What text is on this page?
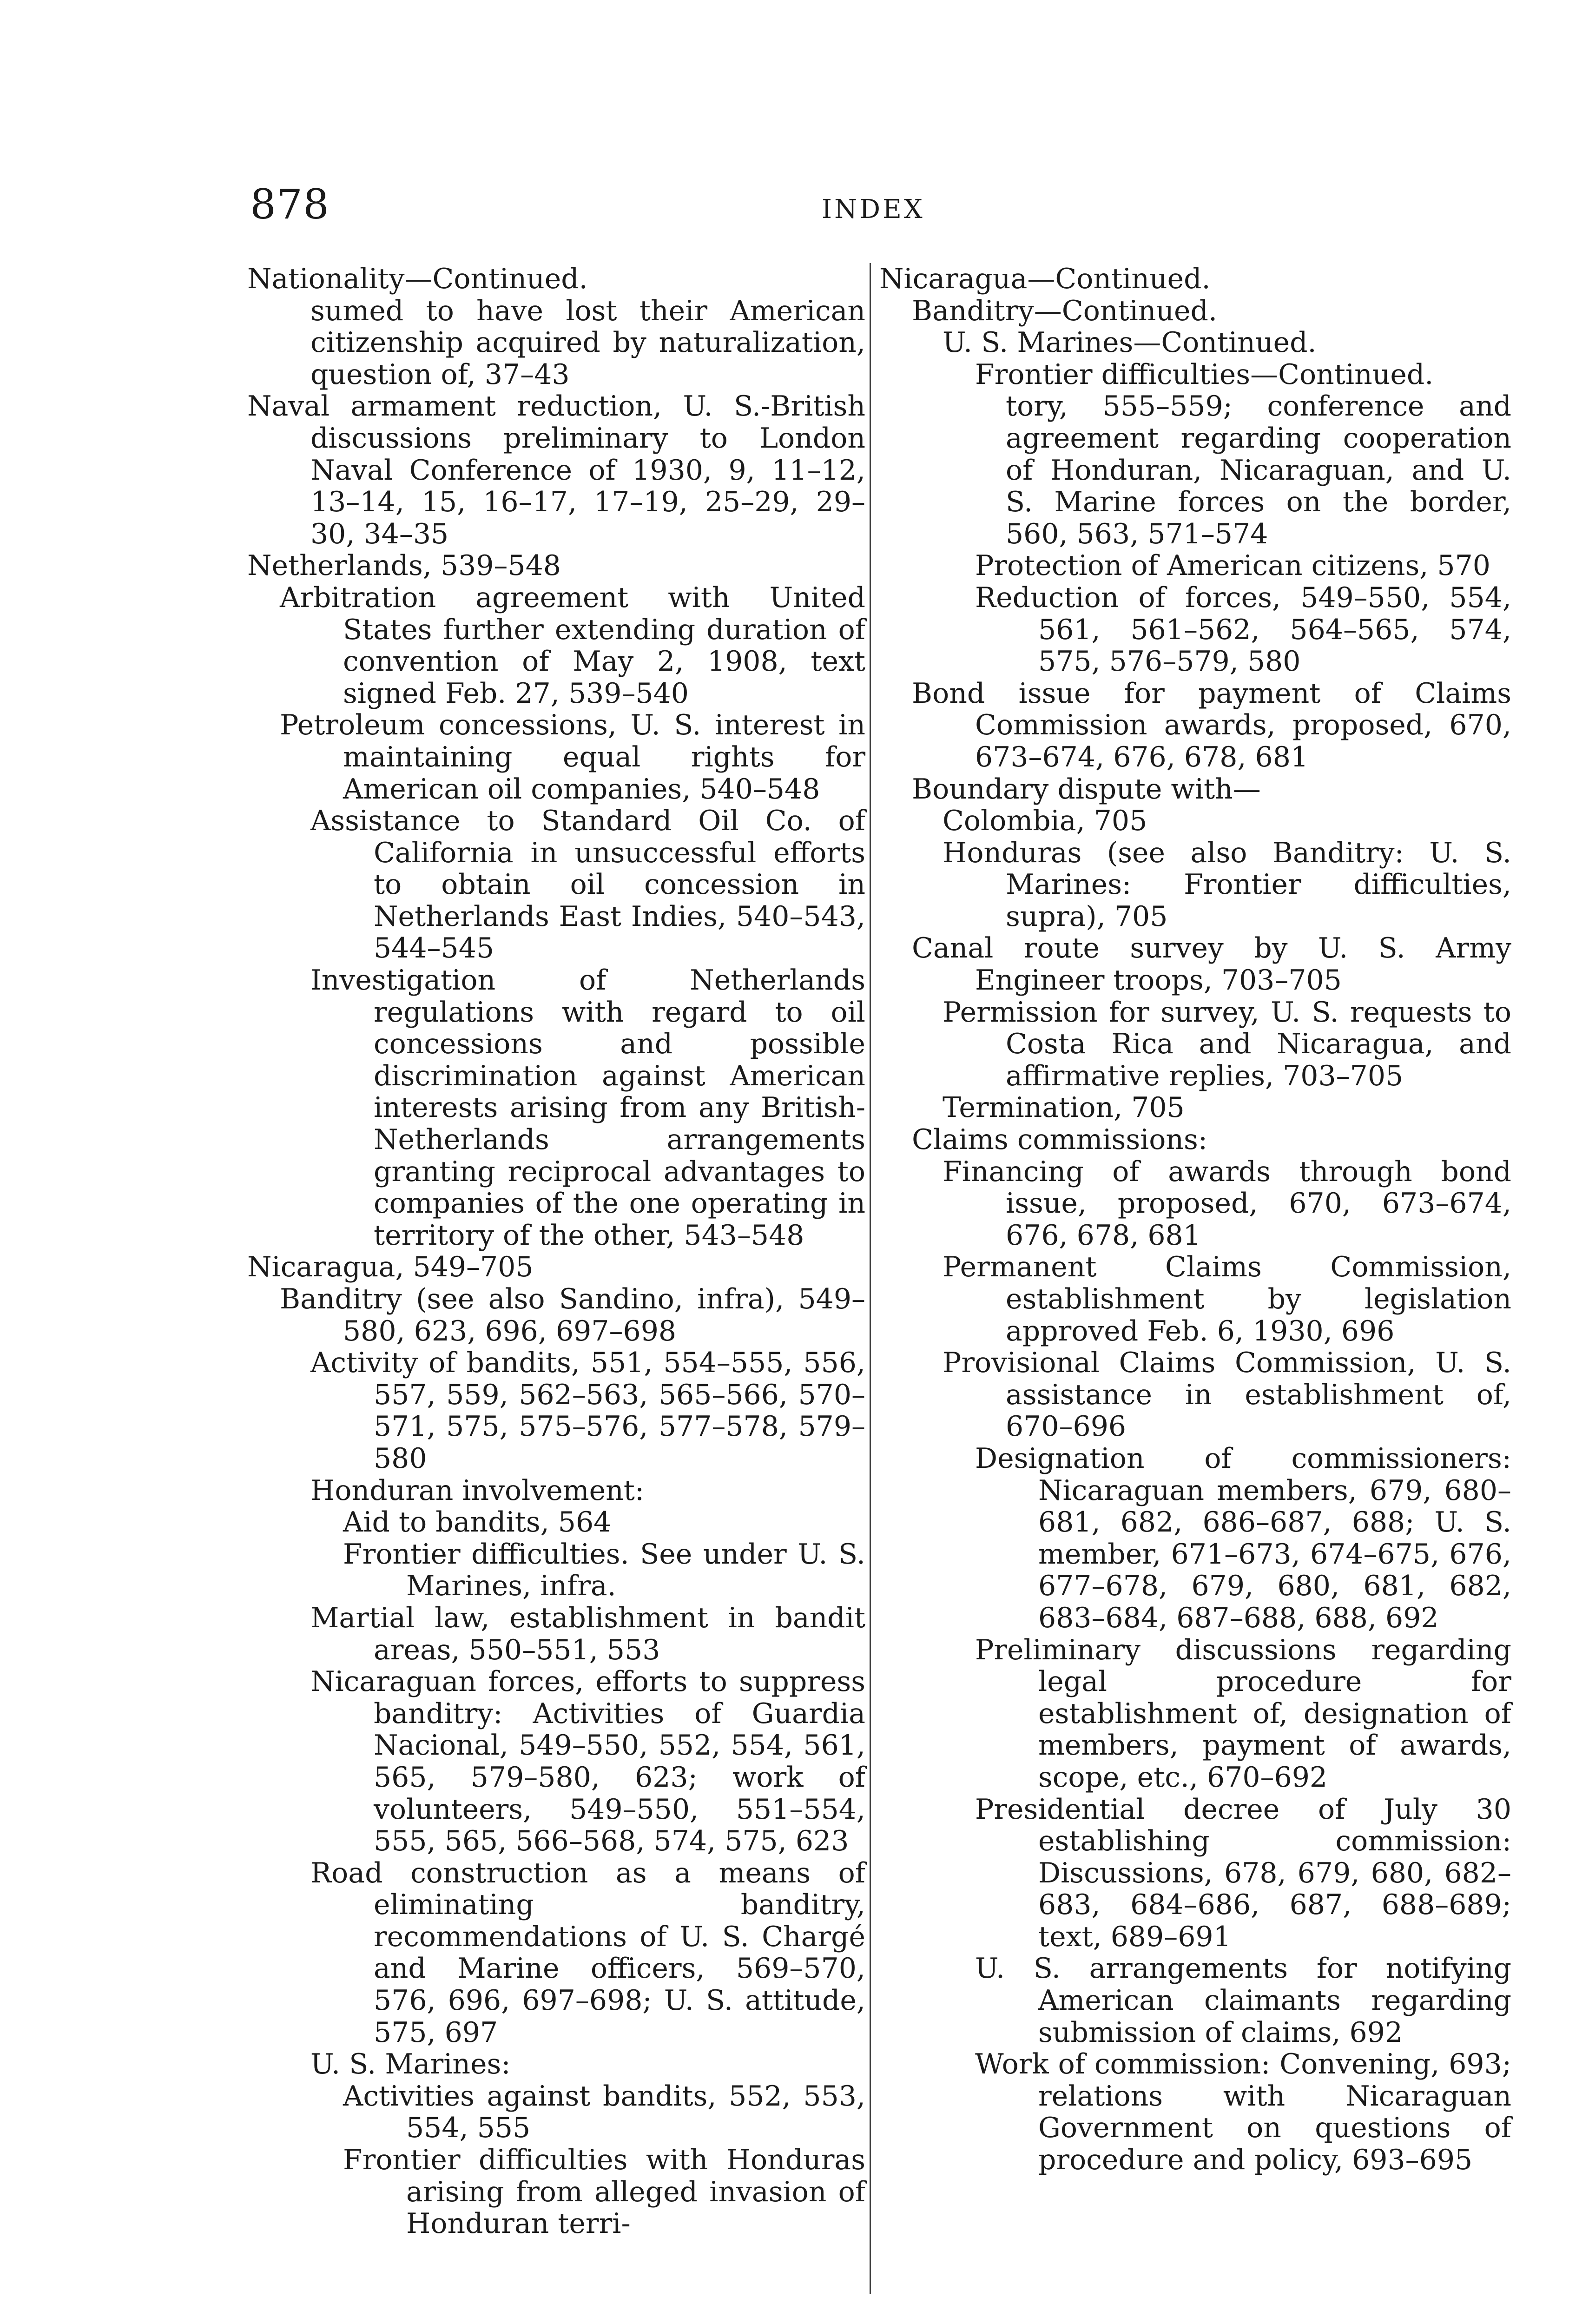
878	INDEX
Nationality—Continued.
sumed to have lost their American citizenship acquired by naturalization, question of, 37–43
Naval armament reduction, U. S.-British discussions preliminary to London Naval Conference of 1930, 9, 11–12, 13–14, 15, 16–17, 17–19, 25–29, 29–30, 34–35
Netherlands, 539–548
Arbitration agreement with United States further extending duration of convention of May 2, 1908, text signed Feb. 27, 539–540
Petroleum concessions, U. S. interest in maintaining equal rights for American oil companies, 540–548
Assistance to Standard Oil Co. of California in unsuccessful efforts to obtain oil concession in Netherlands East Indies, 540–543, 544–545
Investigation of Netherlands regulations with regard to oil concessions and possible discrimination against American interests arising from any British-Netherlands arrangements granting reciprocal advantages to companies of the one operating in territory of the other, 543–548
Nicaragua, 549–705
Banditry (see also Sandino, infra), 549–580, 623, 696, 697–698
Activity of bandits, 551, 554–555, 556, 557, 559, 562–563, 565–566, 570–571, 575, 575–576, 577–578, 579–580
Honduran involvement:
Aid to bandits, 564
Frontier difficulties. See under U. S. Marines, infra.
Martial law, establishment in bandit areas, 550–551, 553
Nicaraguan forces, efforts to suppress banditry: Activities of Guardia Nacional, 549–550, 552, 554, 561, 565, 579–580, 623; work of volunteers, 549–550, 551–554, 555, 565, 566–568, 574, 575, 623
Road construction as a means of eliminating banditry, recommendations of U. S. Chargé and Marine officers, 569–570, 576, 696, 697–698; U. S. attitude, 575, 697
U. S. Marines:
Activities against bandits, 552, 553, 554, 555
Frontier difficulties with Honduras arising from alleged invasion of Honduran terri-
Nicaragua—Continued.
Banditry—Continued.
U. S. Marines—Continued.
Frontier difficulties—Continued.
tory, 555–559; conference and agreement regarding cooperation of Honduran, Nicaraguan, and U. S. Marine forces on the border, 560, 563, 571–574
Protection of American citizens, 570
Reduction of forces, 549–550, 554, 561, 561–562, 564–565, 574, 575, 576–579, 580
Bond issue for payment of Claims Commission awards, proposed, 670, 673–674, 676, 678, 681
Boundary dispute with—
Colombia, 705
Honduras (see also Banditry: U. S. Marines: Frontier difficulties, supra), 705
Canal route survey by U. S. Army Engineer troops, 703–705
Permission for survey, U. S. requests to Costa Rica and Nicaragua, and affirmative replies, 703–705
Termination, 705
Claims commissions:
Financing of awards through bond issue, proposed, 670, 673–674, 676, 678, 681
Permanent Claims Commission, establishment by legislation approved Feb. 6, 1930, 696
Provisional Claims Commission, U. S. assistance in establishment of, 670–696
Designation of commissioners: Nicaraguan members, 679, 680–681, 682, 686–687, 688; U. S. member, 671–673, 674–675, 676, 677–678, 679, 680, 681, 682, 683–684, 687–688, 688, 692
Preliminary discussions regarding legal procedure for establishment of, designation of members, payment of awards, scope, etc., 670–692
Presidential decree of July 30 establishing commission: Discussions, 678, 679, 680, 682–683, 684–686, 687, 688–689; text, 689–691
U. S. arrangements for notifying American claimants regarding submission of claims, 692
Work of commission: Convening, 693; relations with Nicaraguan Government on questions of procedure and policy, 693–695
